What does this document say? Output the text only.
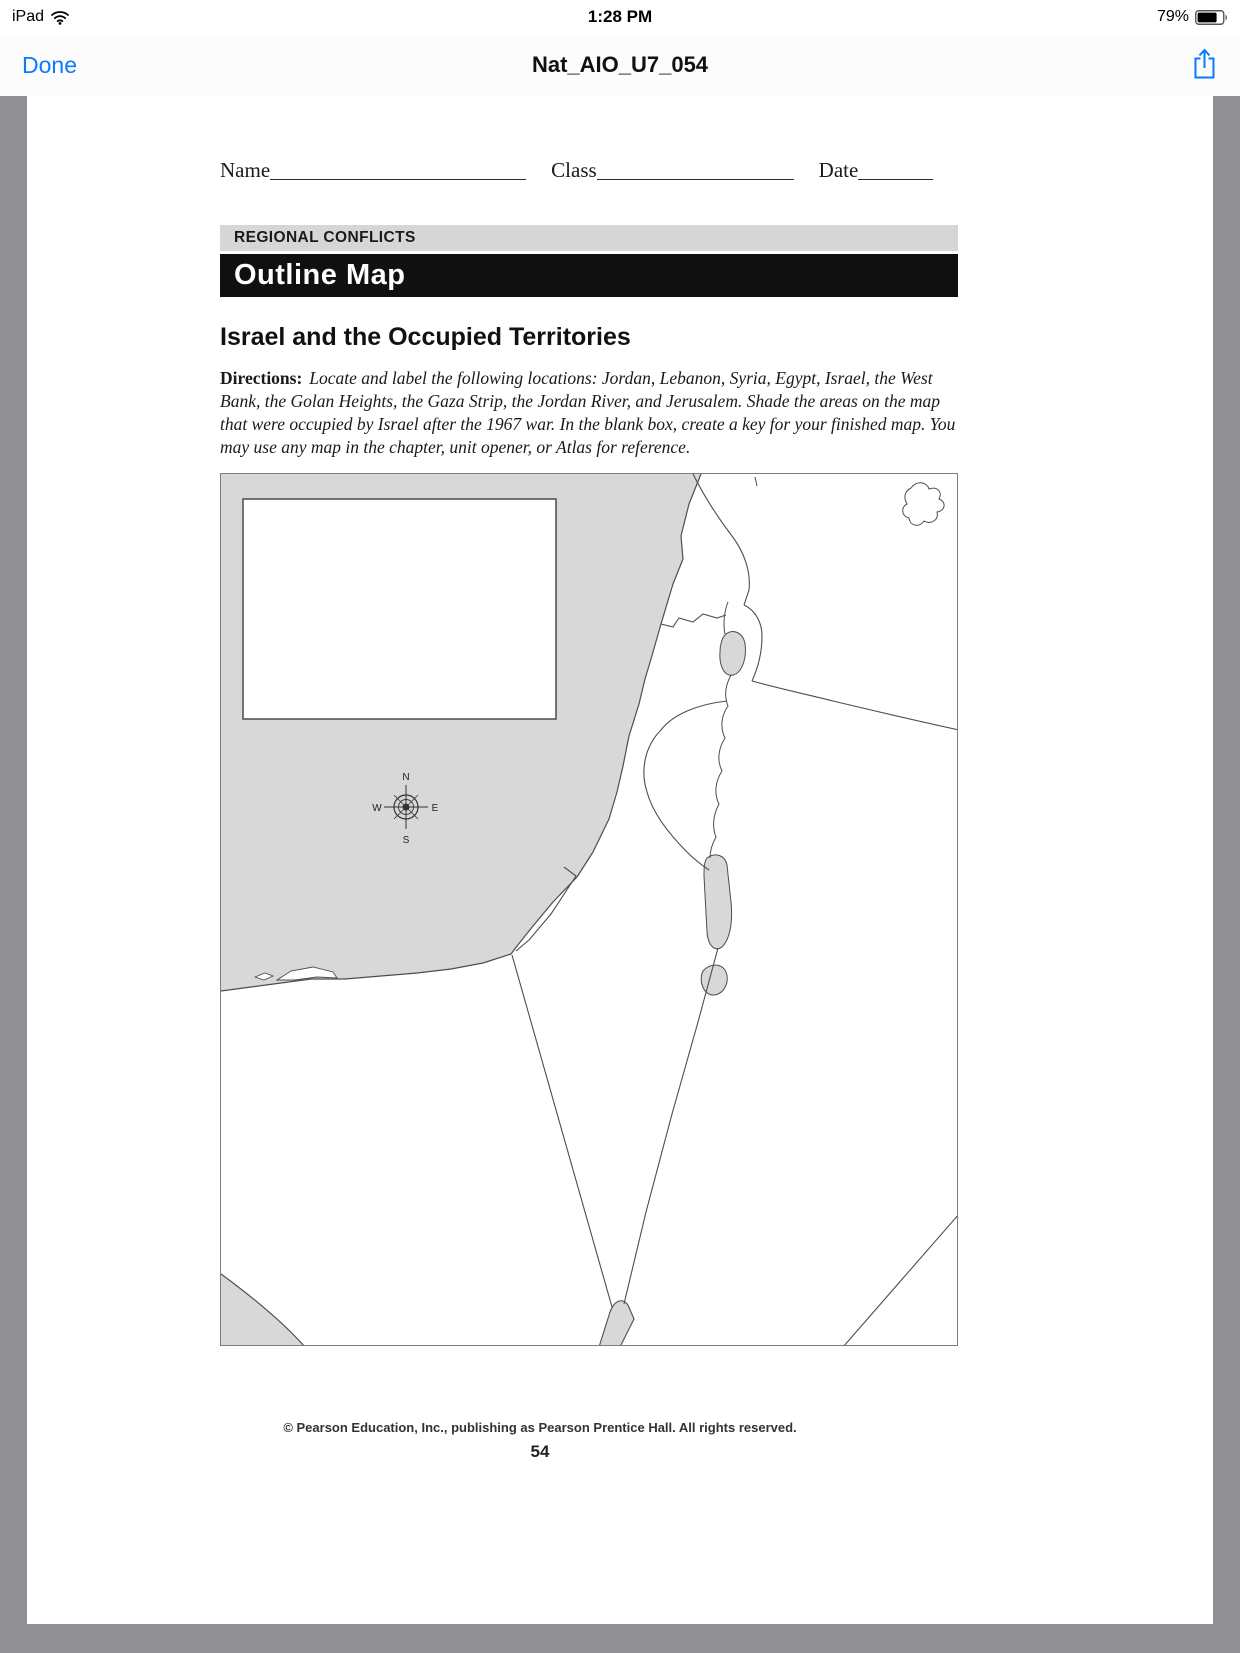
iPad	1:28 PM	79%
Done	Nat_AIO_U7_054
Name	Class	Date
REGIONAL CONFLICTS
Outline Map
Israel and the Occupied Territories

Directions: Locate and label the following locations: Jordan, Lebanon, Syria, Egypt, Israel, the West Bank, the Golan Heights, the Gaza Strip, the Jordan River, and Jerusalem. Shade the areas on the map that were occupied by Israel after the 1967 war. In the blank box, create a key for your finished map. You may use any map in the chapter, unit opener, or Atlas for reference.

N
S
W	E
© Pearson Education, Inc., publishing as Pearson Prentice Hall. All rights reserved.
54
